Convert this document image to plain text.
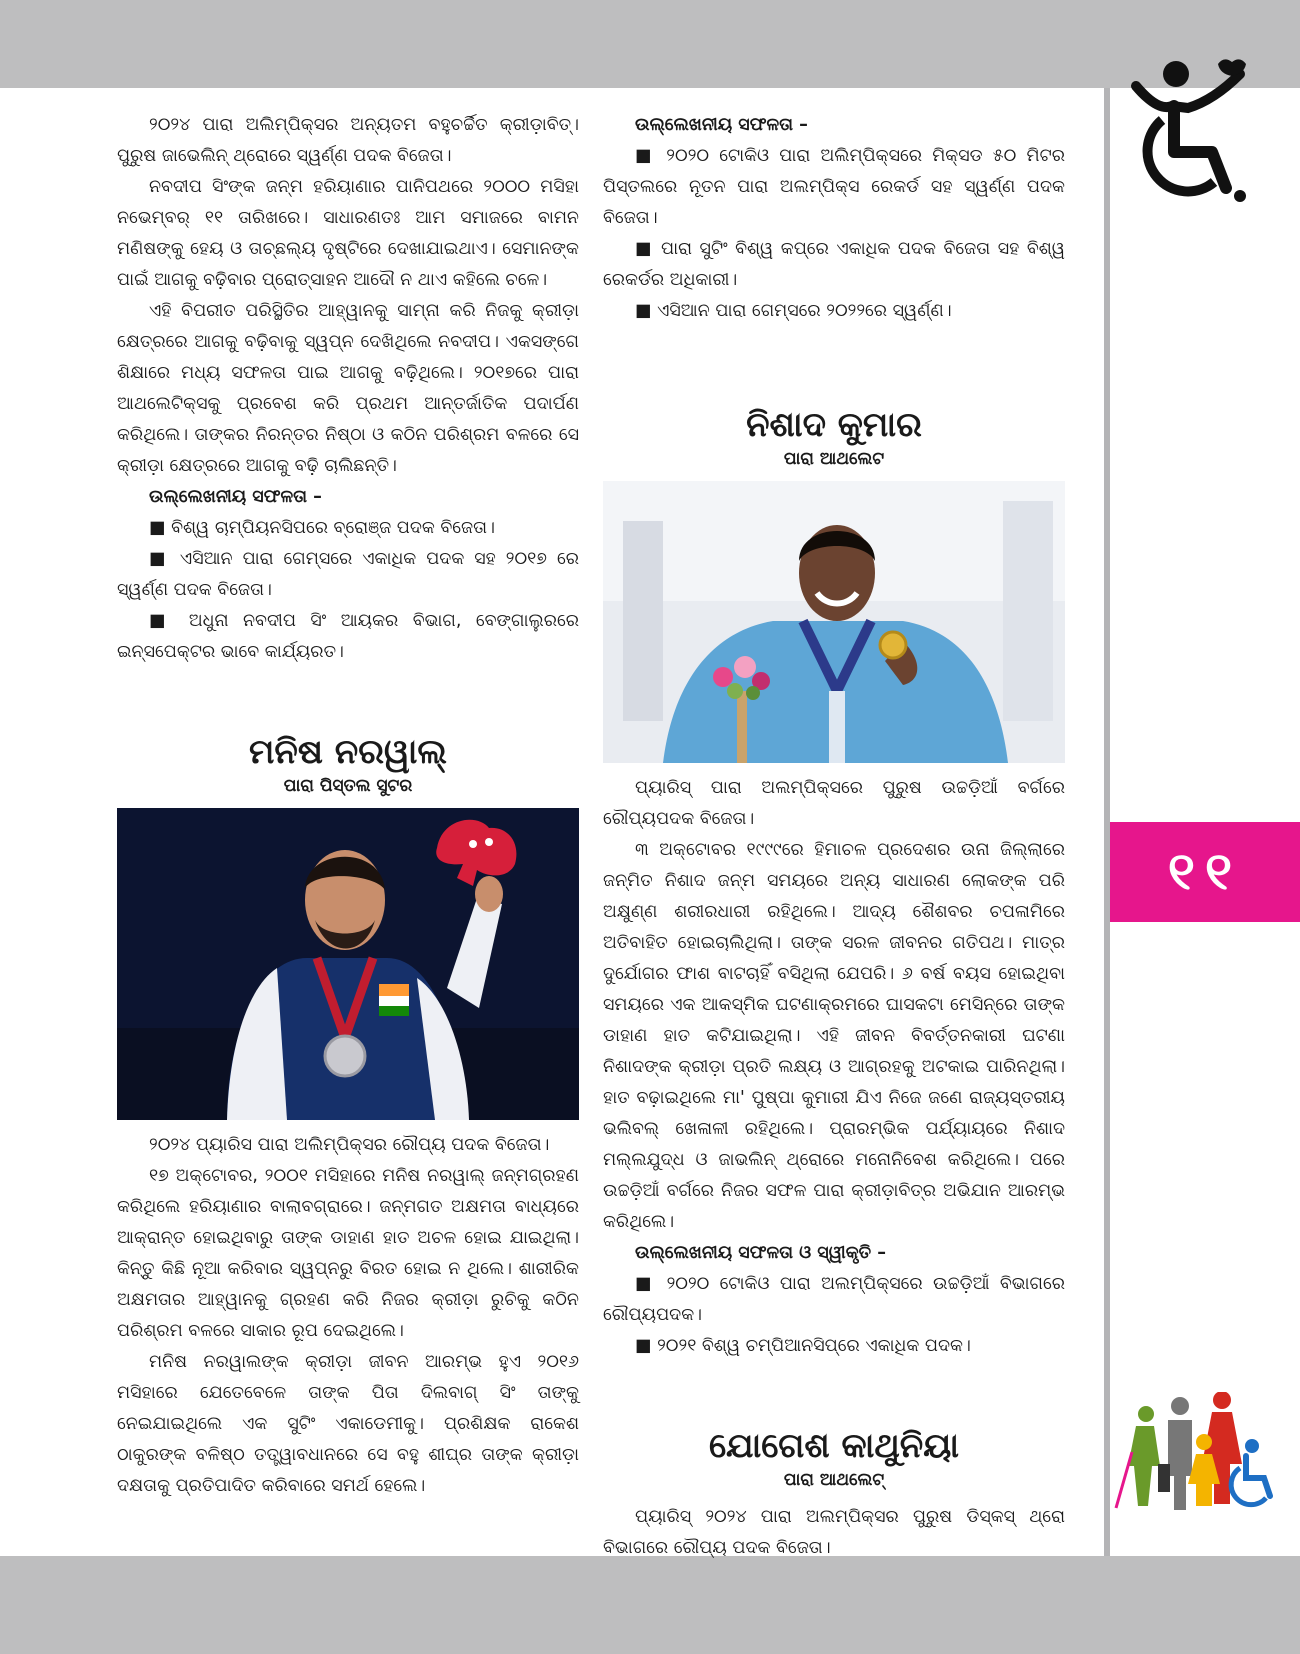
୧୧

୨୦୨୪ ପାରା ଅଲିମ୍ପିକ୍ସର ଅନ୍ୟତମ ବହୁଚର୍ଚ୍ଚିତ କ୍ରୀଡ଼ାବିତ୍। ପୁରୁଷ ଜାଭେଲିନ୍ ଥ୍ରୋରେ ସ୍ୱର୍ଣ୍ଣ ପଦକ ବିଜେତା।

ନବଦୀପ ସିଂଙ୍କ ଜନ୍ମ ହରିୟାଣାର ପାନିପଥରେ ୨୦୦୦ ମସିହା ନଭେମ୍ବର୍ ୧୧ ତାରିଖରେ। ସାଧାରଣତଃ ଆମ ସମାଜରେ ବାମନ ମଣିଷଙ୍କୁ ହେୟ ଓ ତାଚ୍ଛଲ୍ୟ ଦୃଷ୍ଟିରେ ଦେଖାଯାଇଥାଏ। ସେମାନଙ୍କ ପାଇଁ ଆଗକୁ ବଢ଼ିବାର ପ୍ରୋତ୍ସାହନ ଆଦୌ ନ ଥାଏ କହିଲେ ଚଳେ।

ଏହି ବିପରୀତ ପରିସ୍ଥିତିର ଆହ୍ୱାନକୁ ସାମ୍ନା କରି ନିଜକୁ କ୍ରୀଡ଼ା କ୍ଷେତ୍ରରେ ଆଗକୁ ବଢ଼ିବାକୁ ସ୍ୱପ୍ନ ଦେଖିଥିଲେ ନବଦୀପ। ଏକସଙ୍ଗେ ଶିକ୍ଷାରେ ମଧ୍ୟ ସଫଳତା ପାଇ ଆଗକୁ ବଢ଼ିଥିଲେ। ୨୦୧୭ରେ ପାରା ଆଥଲେଟିକ୍ସକୁ ପ୍ରବେଶ କରି ପ୍ରଥମ ଆନ୍ତର୍ଜାତିକ ପଦାର୍ପଣ କରିଥିଲେ। ତାଙ୍କର ନିରନ୍ତର ନିଷ୍ଠା ଓ କଠିନ ପରିଶ୍ରମ ବଳରେ ସେ କ୍ରୀଡ଼ା କ୍ଷେତ୍ରରେ ଆଗକୁ ବଢ଼ି ଚାଲିଛନ୍ତି।

ଉଲ୍ଲେଖନୀୟ ସଫଳତା –

■ ବିଶ୍ୱ ଚାମ୍ପିୟନସିପରେ ବ୍ରୋଞ୍ଜ ପଦକ ବିଜେତା।

■ ଏସିଆନ ପାରା ଗେମ୍ସରେ ଏକାଧିକ ପଦକ ସହ ୨୦୧୭ ରେ ସ୍ୱର୍ଣ୍ଣ ପଦକ ବିଜେତା।

■ ଅଧୁନା ନବଦୀପ ସିଂ ଆୟକର ବିଭାଗ, ବେଙ୍ଗାଲୁରରେ ଇନ୍ସପେକ୍ଟର ଭାବେ କାର୍ଯ୍ୟରତ।

ମନିଷ ନରୱାଲ୍
ପାରା ପିସ୍ତଲ ସୁଟର

୨୦୨୪ ପ୍ୟାରିସ ପାରା ଅଲିମ୍ପିକ୍ସର ରୌପ୍ୟ ପଦକ ବିଜେତା।

୧୭ ଅକ୍ଟୋବର, ୨୦୦୧ ମସିହାରେ ମନିଷ ନରୱାଲ୍ ଜନ୍ମଗ୍ରହଣ କରିଥିଲେ ହରିୟାଣାର ବାଲାବଗ୍ରାରେ। ଜନ୍ମଗତ ଅକ୍ଷମତା ବାଧ୍ୟରେ ଆକ୍ରାନ୍ତ ହୋଇଥିବାରୁ ତାଙ୍କ ଡାହାଣ ହାତ ଅଚଳ ହୋଇ ଯାଇଥିଲା। କିନ୍ତୁ କିଛି ନୂଆ କରିବାର ସ୍ୱପ୍ନରୁ ବିରତ ହୋଇ ନ ଥିଲେ। ଶାରୀରିକ ଅକ୍ଷମତାର ଆହ୍ୱାନକୁ ଗ୍ରହଣ କରି ନିଜର କ୍ରୀଡ଼ା ରୁଚିକୁ କଠିନ ପରିଶ୍ରମ ବଳରେ ସାକାର ରୂପ ଦେଇଥିଲେ।

ମନିଷ ନରୱାଲଙ୍କ କ୍ରୀଡ଼ା ଜୀବନ ଆରମ୍ଭ ହୁଏ ୨୦୧୬ ମସିହାରେ ଯେତେବେଳେ ତାଙ୍କ ପିତା ଦିଲବାଗ୍ ସିଂ ତାଙ୍କୁ ନେଇଯାଇଥିଲେ ଏକ ସୁଟିଂ ଏକାଡେମୀକୁ। ପ୍ରଶିକ୍ଷକ ରାକେଶ ଠାକୁରଙ୍କ ବଳିଷ୍ଠ ତତ୍ତ୍ୱାବଧାନରେ ସେ ବହୁ ଶୀଘ୍ର ତାଙ୍କ କ୍ରୀଡ଼ା ଦକ୍ଷତାକୁ ପ୍ରତିପାଦିତ କରିବାରେ ସମର୍ଥ ହେଲେ।

ଉଲ୍ଲେଖନୀୟ ସଫଳତା –

■ ୨୦୨୦ ଟୋକିଓ ପାରା ଅଲିମ୍ପିକ୍ସରେ ମିକ୍ସଡ ୫୦ ମିଟର ପିସ୍ତଲରେ ନୂତନ ପାରା ଅଲମ୍ପିକ୍ସ ରେକର୍ଡ ସହ ସ୍ୱର୍ଣ୍ଣ ପଦକ ବିଜେତା।

■ ପାରା ସୁଟିଂ ବିଶ୍ୱ କପ୍‌ରେ ଏକାଧିକ ପଦକ ବିଜେତା ସହ ବିଶ୍ୱ ରେକର୍ଡର ଅଧିକାରୀ।

■ ଏସିଆନ ପାରା ଗେମ୍ସରେ ୨୦୨୨ରେ ସ୍ୱର୍ଣ୍ଣ।

ନିଶାଦ କୁମାର
ପାରା ଆଥଲେଟ

ପ୍ୟାରିସ୍ ପାରା ଅଲମ୍ପିକ୍ସରେ ପୁରୁଷ ଉଚ୍ଚଡ଼ିଆଁ ବର୍ଗରେ ରୌପ୍ୟପଦକ ବିଜେତା।

୩ ଅକ୍ଟୋବର ୧୯୯୯ରେ ହିମାଚଳ ପ୍ରଦେଶର ଉନା ଜିଲ୍ଲାରେ ଜନ୍ମିତ ନିଶାଦ ଜନ୍ମ ସମୟରେ ଅନ୍ୟ ସାଧାରଣ ଲୋକଙ୍କ ପରି ଅକ୍ଷୁଣ୍ଣ ଶରୀରଧାରୀ ରହିଥିଲେ। ଆଦ୍ୟ ଶୈଶବର ଚପଳାମିରେ ଅତିବାହିତ ହୋଇଚାଲିଥିଲା। ତାଙ୍କ ସରଳ ଜୀବନର ଗତିପଥ। ମାତ୍ର ଦୁର୍ଯୋଗର ଫାଶ ବାଟଚାହିଁ ବସିଥିଲା ଯେପରି। ୬ ବର୍ଷ ବୟସ ହୋଇଥିବା ସମୟରେ ଏକ ଆକସ୍ମିକ ଘଟଣାକ୍ରମରେ ଘାସକଟା ମେସିନ୍‌ରେ ତାଙ୍କ ଡାହାଣ ହାତ କଟିଯାଇଥିଲା। ଏହି ଜୀବନ ବିବର୍ତ୍ତନକାରୀ ଘଟଣା ନିଶାଦଙ୍କ କ୍ରୀଡ଼ା ପ୍ରତି ଲକ୍ଷ୍ୟ ଓ ଆଗ୍ରହକୁ ଅଟକାଇ ପାରିନଥିଲା। ହାତ ବଢ଼ାଇଥିଲେ ମା' ପୁଷ୍ପା କୁମାରୀ ଯିଏ ନିଜେ ଜଣେ ରାଜ୍ୟସ୍ତରୀୟ ଭଲିବଲ୍ ଖେଳାଳୀ ରହିଥିଲେ। ପ୍ରାରମ୍ଭିକ ପର୍ଯ୍ୟାୟରେ ନିଶାଦ ମଲ୍ଲଯୁଦ୍ଧ ଓ ଜାଭଲିନ୍ ଥ୍ରୋରେ ମନୋନିବେଶ କରିଥିଲେ। ପରେ ଉଚ୍ଚଡ଼ିଆଁ ବର୍ଗରେ ନିଜର ସଫଳ ପାରା କ୍ରୀଡ଼ାବିତ୍‌ର ଅଭିଯାନ ଆରମ୍ଭ କରିଥିଲେ।

ଉଲ୍ଲେଖନୀୟ ସଫଳତା ଓ ସ୍ୱୀକୃତି –

■ ୨୦୨୦ ଟୋକିଓ ପାରା ଅଲମ୍ପିକ୍ସରେ ଉଚ୍ଚଡ଼ିଆଁ ବିଭାଗରେ ରୌପ୍ୟପଦକ।

■ ୨୦୨୧ ବିଶ୍ୱ ଚମ୍ପିଆନସିପ୍‌ରେ ଏକାଧିକ ପଦକ।

ଯୋଗେଶ କାଥୁନିୟା
ପାରା ଆଥଲେଟ୍

ପ୍ୟାରିସ୍ ୨୦୨୪ ପାରା ଅଲମ୍ପିକ୍ସର ପୁରୁଷ ଡିସ୍କସ୍ ଥ୍ରୋ ବିଭାଗରେ ରୌପ୍ୟ ପଦକ ବିଜେତା।
